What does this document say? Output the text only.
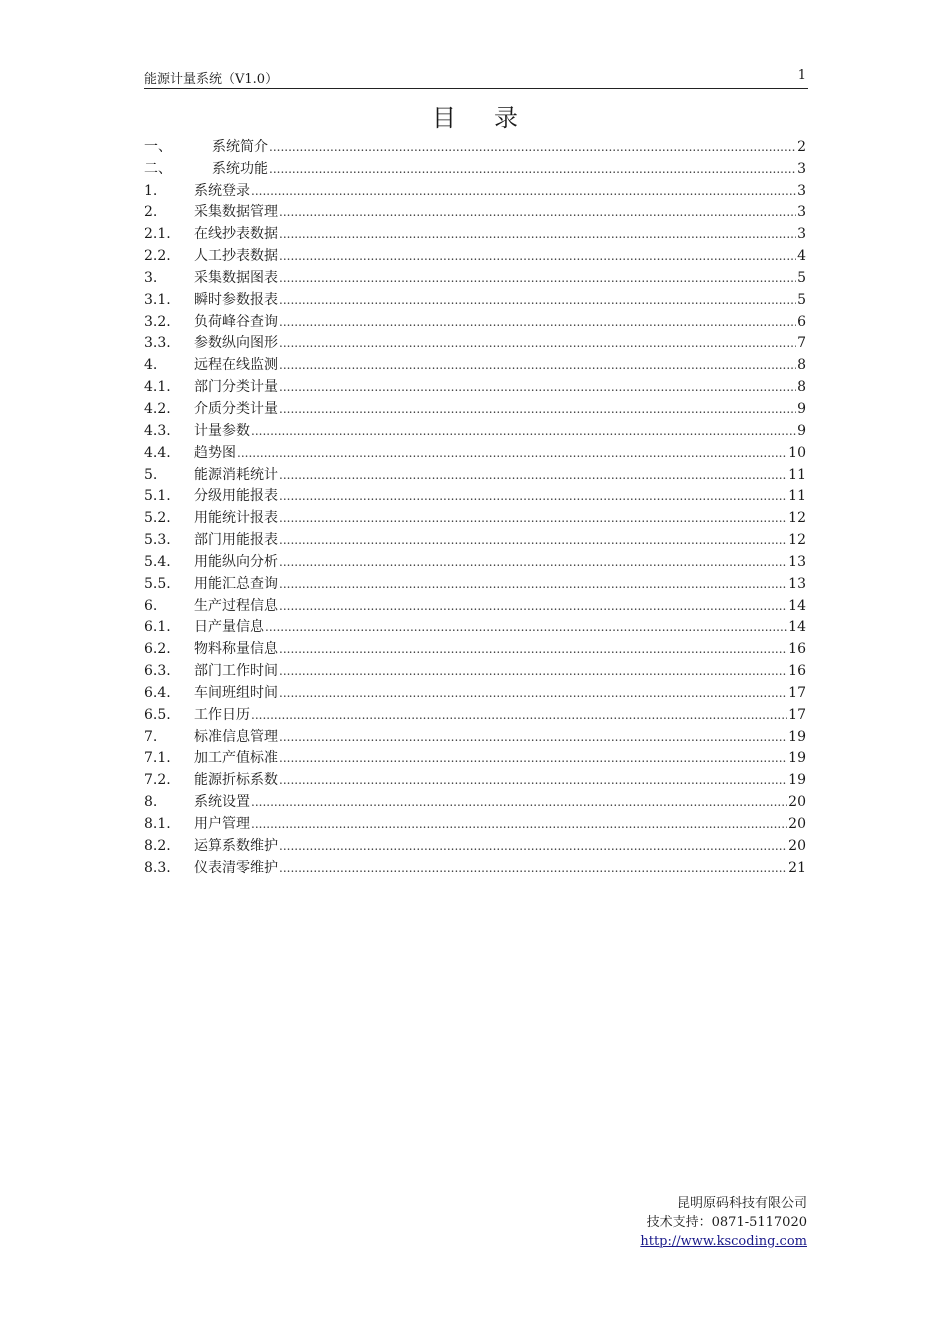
能源计量系统（V1.0）	1
目录
一、	系统简介 .....	2
二、	系统功能 .....	3
1.	系统登录 .....	3
2.	采集数据管理 .....	3
2.1.	在线抄表数据 .....	3
2.2.	人工抄表数据 .....	4
3.	采集数据图表 .....	5
3.1.	瞬时参数报表 .....	5
3.2.	负荷峰谷查询 .....	6
3.3.	参数纵向图形 .....	7
4.	远程在线监测 .....	8
4.1.	部门分类计量 .....	8
4.2.	介质分类计量 .....	9
4.3.	计量参数 .....	9
4.4.	趋势图 .....	10
5.	能源消耗统计 .....	11
5.1.	分级用能报表 .....	11
5.2.	用能统计报表 .....	12
5.3.	部门用能报表 .....	12
5.4.	用能纵向分析 .....	13
5.5.	用能汇总查询 .....	13
6.	生产过程信息 .....	14
6.1.	日产量信息 .....	14
6.2.	物料称量信息 .....	16
6.3.	部门工作时间 .....	16
6.4.	车间班组时间 .....	17
6.5.	工作日历 .....	17
7.	标准信息管理 .....	19
7.1.	加工产值标准 .....	19
7.2.	能源折标系数 .....	19
8.	系统设置 .....	20
8.1.	用户管理 .....	20
8.2.	运算系数维护 .....	20
8.3.	仪表清零维护 .....	21
昆明原码科技有限公司
技术支持：0871-5117020
http://www.kscoding.com
